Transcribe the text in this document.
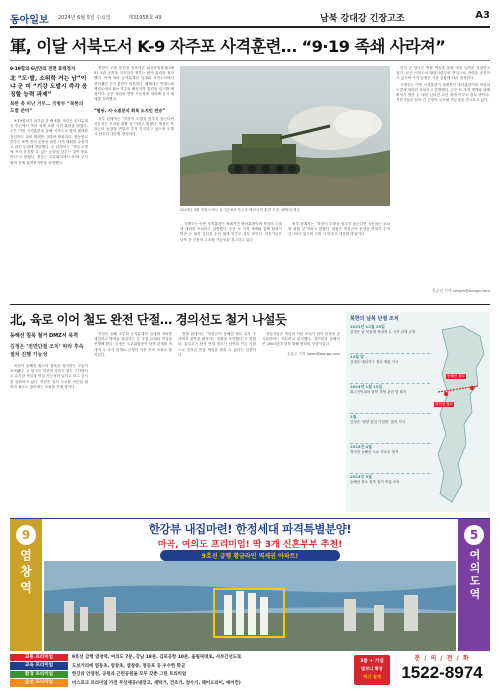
동아일보 2024년 6월 5일 수요일	제31958호 49	남북 강대강 긴장고조	A3
軍, 이달 서북도서 K-9 자주포 사격훈련… “9·19 족쇄 사라져”
9·19합의 6년만의 전면 효력정지
北 “도·발, 소위학 거는 남”이냐 군 미 “기강 도발시 즉각 응징할 능력 과제”
북한 측 비난 거부… 국방부 “북한의 도발 준비”

9·19합의가 파기된 건 해 4월, 북한은 군사분계선 부근에서 여러 차례 포병 사격 훈련을 벌였다. 군은 이번 사격훈련을 통해 서북도서 방어 태세를 점검하고 대비 태세를 강화할 방침이다. 합동참모본부는 포병 전력 운용을 위한 사격 계획을 수립하고 관련 부대에 하달했다. 군 관계자는 “적의 도발에 즉각 응징할 수 있는 능력을 갖추는 것이 중요하다”고 밝혔다. 정부는 국무회의에서 9·19 군사합의 전체 효력정지안을 의결했다.

북한이 오물 풍선을 살포하고 위성항법장치(GPS) 교란 공격을 지속하자 정부는 합의 효력을 정지했다. 이에 따라 군사분계선 일대와 서북도서에서 중단됐던 군사 훈련이 복원된다. 해병대는 연평도와 백령도에서 K-9 자주포 해상사격 훈련을 실시할 예정이다. 군은 북한의 반발 가능성에 대비해 감시 태세를 강화했다.

“합동, 지·소통분석 회복 도지인 전승”

정부 관계자는 “북한이 도발을 멈추지 않는다면 상응하는 조치를 취할 것”이라고 밝혔다. 합참은 북한군의 동향을 면밀히 추적 감시하고 있으며 도발 시 단호히 대응할 방침이다.

2023년 4월 연평도에서 실시된 K-9 자주포 해상사격 훈련 모습. 해병대 제공

국방부는 이번 사격훈련이 정례적인 방어훈련이며 북한의 도발에 대비한 조치라고 설명했다. 군은 포 사격 재개와 함께 확성기 방송 등 대북 심리전 수단 재개 여부도 검토 중이다. 전문가들은 남북 간 긴장이 고조될 가능성을 경고하고 있다.

정부 관계자는 “북한이 도발을 멈추지 않는다면 상응하는 조치를 취할 것”이라고 밝혔다. 합참은 북한군의 동향을 면밀히 추적 감시하고 있으며 도발 시 단호히 대응할 방침이다.

한미 군 당국은 연합 연습을 통해 대응 능력을 점검하고 있다. 군은 서북도서 방위사령부를 중심으로 전력을 증강하고 있으며 사격 일정은 기상 상황에 따라 결정된다.

국방부는 이번 사격훈련이 정례적인 방어훈련이며 북한의 도발에 대비한 조치라고 설명했다. 군은 포 사격 재개와 함께 확성기 방송 등 대북 심리전 수단 재개 여부도 검토 중이다. 전문가들은 남북 간 긴장이 고조될 가능성을 경고하고 있다.

신규진 기자 newjin@donga.com
北, 육로 이어 철도 완전 단절… 경의선도 철거 나설듯
동해선 침목 철거 DMZ서 목격
김정은 ‘전면단절 조치’ 따라 후속 절차 진행 가능성

북한이 동해선 철도의 침목을 철거하는 모습이 포착됐다. 군 당국은 북한이 경의선 철도 구간에서도 유사한 작업을 벌일 가능성이 있다고 보고 감시를 강화하고 있다. 북한은 앞서 도로를 차단한 데 이어 철도도 끊어내는 조치를 진행 중이다.

북한은 올해 초부터 군사분계선 일대에 지뢰를 매설하고 방벽을 설치하는 등 국경 요새화 작업을 진행해 왔다. 김정은 국무위원장이 남북 관계를 적대적 두 국가 관계로 규정한 이후 후속 조치로 풀이된다.

합참 관계자는 “북한군이 동해선 철로 일부 구간에서 침목을 제거하는 정황을 포착했다”고 밝혔다. 통일부는 남북 연결 철도가 남측의 자금 지원으로 건설된 만큼 책임을 물을 수 있다는 입장이다.

전문가들은 북한의 이런 조치가 남북 단절을 공식화하려는 의도라고 분석했다. 경의선과 동해선은 2000년대 남북 화해 협력의 상징이었다.

손효주 기자 hjson@donga.com
북한의 남북 단절 조치
2023년 12월 30일
김정은 남 북관계 적대적 두 국가 관계 규정
12월 말
김정은 대남기구 정리 개편 지시
2024년 1월 15일
최고인민회의 남북 경협 관련 법 폐지
1월
김정은 ‘평양 통일 기념탑’ 철거 지시
2024년 4월
경의선 동해선 도로 가로등 철거
2024년 5월
동해선 철도 침목 철거 작업 포착
동해선 철도
경의선 철도
한강뷰 내집마련! 한정세대 파격특별분양!
마곡, 여의도 프리미엄! 딱 3개 신혼부부 추천!
9호선 급행 황금라인 역세권 아파트!
9
염창역
5
여의도역
교통 프리미엄	9호선 급행 염창역, 여의도 7분, 강남 18분, 김포공항 10분, 올림픽대로, 서부간선도로
교육 프리미엄	도보거리에 염동초, 염창초, 염창중, 영등포 등 우수한 학군
환경 프리미엄	한강과 안양천, 공원과 근린공원을 모두 갖춘 그린 프리미엄
옵션 프리미엄	비스포크 프리미엄 가전 무상제공(냉장고, 세탁기, 건조기, 청수기, 헤어드라이, 에어컨)
3룸 + 거실
발코니 확장
혁신 설계
문 / 의 / 전 / 화
1522-8974
